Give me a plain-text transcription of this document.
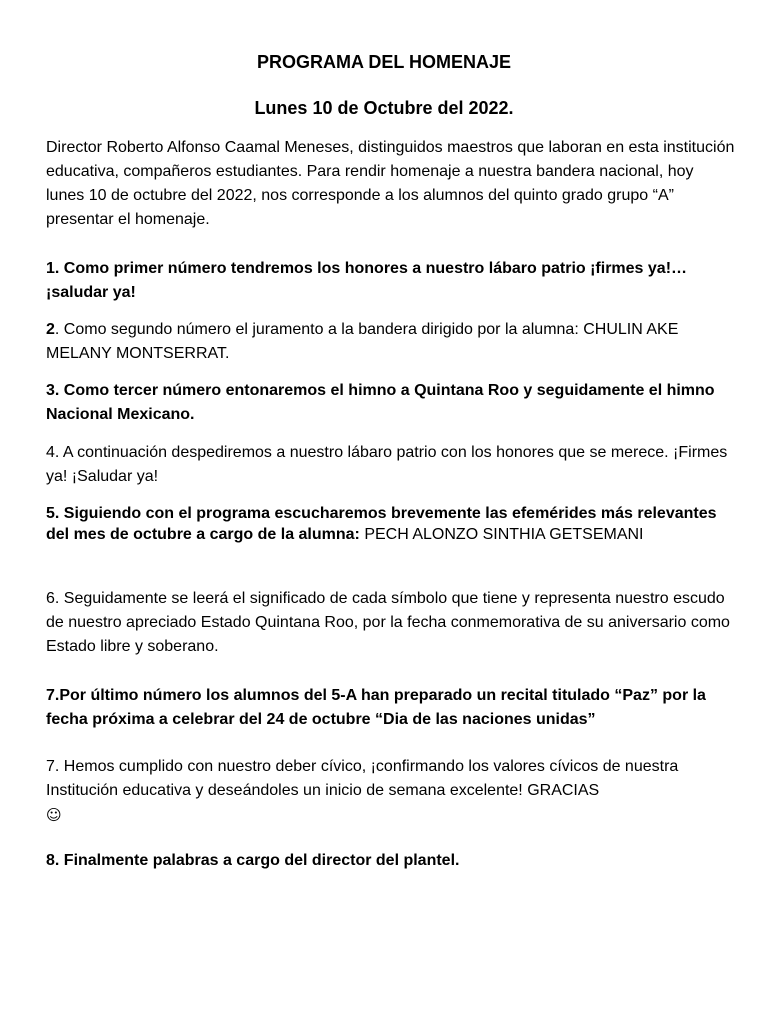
PROGRAMA DEL HOMENAJE
Lunes 10 de Octubre del 2022.

Director Roberto Alfonso Caamal Meneses, distinguidos maestros que laboran en esta institución educativa, compañeros estudiantes. Para rendir homenaje a nuestra bandera nacional, hoy lunes 10 de octubre del 2022, nos corresponde a los alumnos del quinto grado grupo “A” presentar el homenaje.

1. Como primer número tendremos los honores a nuestro lábaro patrio ¡firmes ya!… ¡saludar ya!

2. Como segundo número el juramento a la bandera dirigido por la alumna: CHULIN AKE MELANY MONTSERRAT.

3. Como tercer número entonaremos el himno a Quintana Roo y seguidamente el himno Nacional Mexicano.

4. A continuación despediremos a nuestro lábaro patrio con los honores que se merece. ¡Firmes ya! ¡Saludar ya!

5. Siguiendo con el programa escucharemos brevemente las efemérides más relevantes del mes de octubre a cargo de la alumna: PECH ALONZO SINTHIA GETSEMANI

6. Seguidamente se leerá el significado de cada símbolo que tiene y representa nuestro escudo de nuestro apreciado Estado Quintana Roo, por la fecha conmemorativa de su aniversario como Estado libre y soberano.

7.Por último número los alumnos del 5-A han preparado un recital titulado “Paz” por la fecha próxima a celebrar del 24 de octubre “Dia de las naciones unidas”

7. Hemos cumplido con nuestro deber cívico, ¡confirmando los valores cívicos de nuestra Institución educativa y deseándoles un inicio de semana excelente! GRACIAS
☺

8. Finalmente palabras a cargo del director del plantel.
